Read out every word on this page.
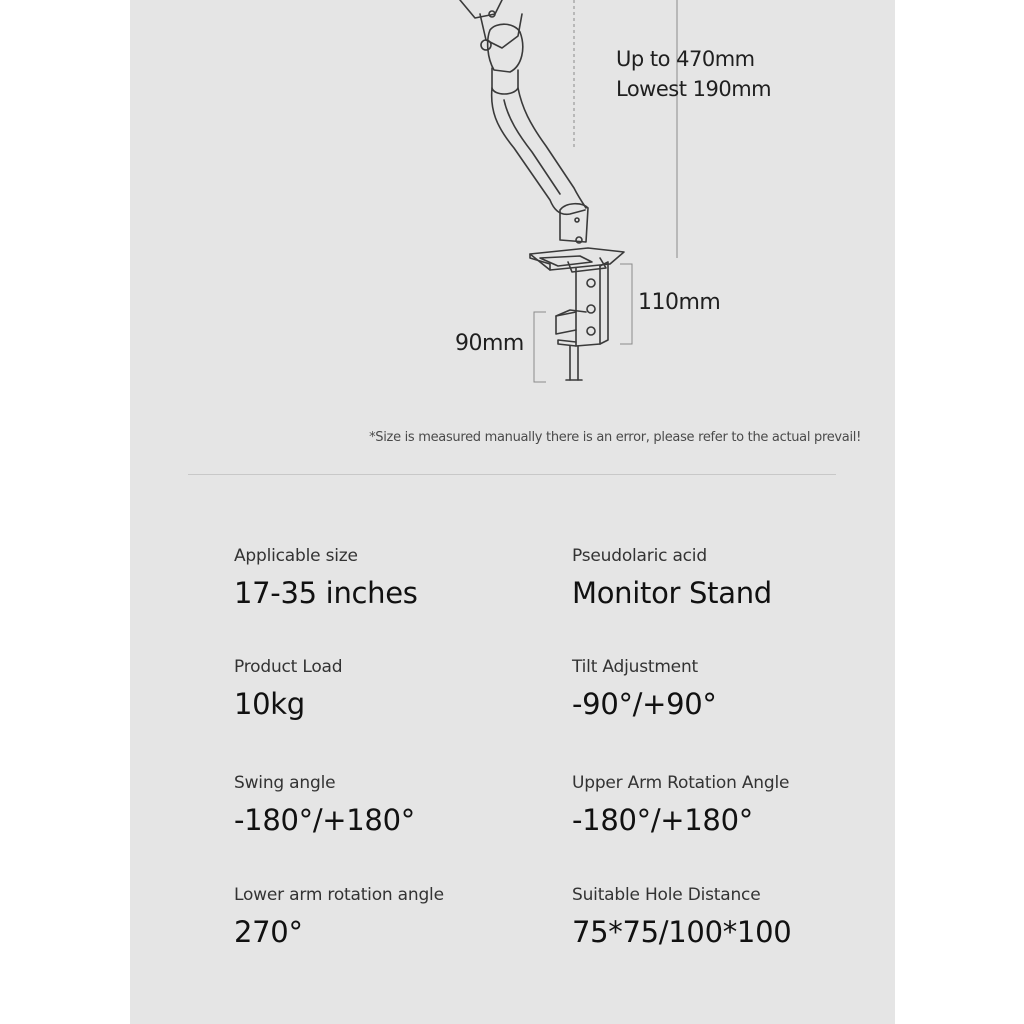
Up to 470mm
Lowest 190mm
110mm
90mm
*Size is measured manually there is an error, please refer to the actual prevail!
Applicable size
17-35 inches
Pseudolaric acid
Monitor Stand
Product Load
10kg
Tilt Adjustment
-90°/+90°
Swing angle
-180°/+180°
Upper Arm Rotation Angle
-180°/+180°
Lower arm rotation angle
270°
Suitable Hole Distance
75*75/100*100
